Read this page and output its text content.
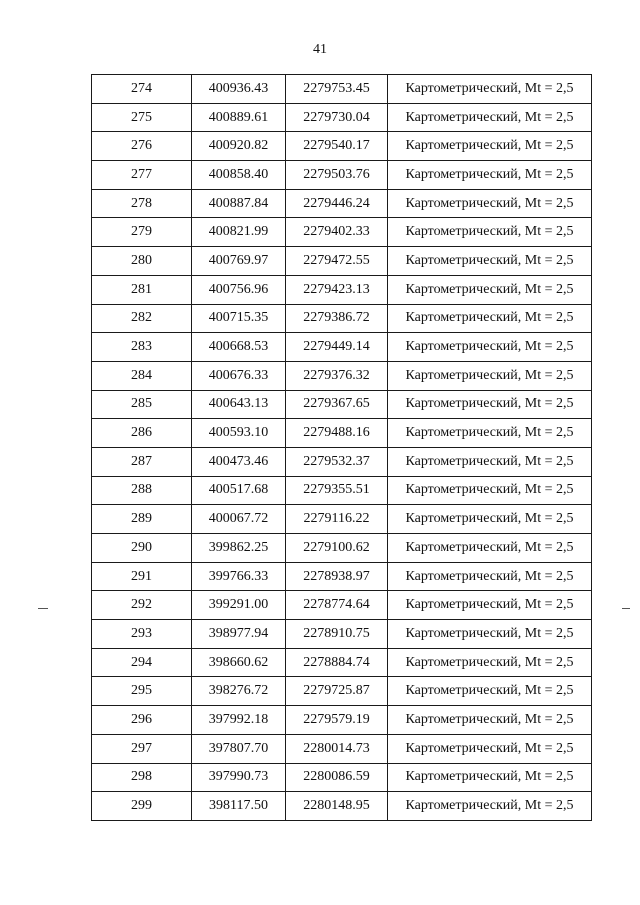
41
274	400936.43	2279753.45	Картометрический, Mt = 2,5
275	400889.61	2279730.04	Картометрический, Mt = 2,5
276	400920.82	2279540.17	Картометрический, Mt = 2,5
277	400858.40	2279503.76	Картометрический, Mt = 2,5
278	400887.84	2279446.24	Картометрический, Mt = 2,5
279	400821.99	2279402.33	Картометрический, Mt = 2,5
280	400769.97	2279472.55	Картометрический, Mt = 2,5
281	400756.96	2279423.13	Картометрический, Mt = 2,5
282	400715.35	2279386.72	Картометрический, Mt = 2,5
283	400668.53	2279449.14	Картометрический, Mt = 2,5
284	400676.33	2279376.32	Картометрический, Mt = 2,5
285	400643.13	2279367.65	Картометрический, Mt = 2,5
286	400593.10	2279488.16	Картометрический, Mt = 2,5
287	400473.46	2279532.37	Картометрический, Mt = 2,5
288	400517.68	2279355.51	Картометрический, Mt = 2,5
289	400067.72	2279116.22	Картометрический, Mt = 2,5
290	399862.25	2279100.62	Картометрический, Mt = 2,5
291	399766.33	2278938.97	Картометрический, Mt = 2,5
292	399291.00	2278774.64	Картометрический, Mt = 2,5
293	398977.94	2278910.75	Картометрический, Mt = 2,5
294	398660.62	2278884.74	Картометрический, Mt = 2,5
295	398276.72	2279725.87	Картометрический, Mt = 2,5
296	397992.18	2279579.19	Картометрический, Mt = 2,5
297	397807.70	2280014.73	Картометрический, Mt = 2,5
298	397990.73	2280086.59	Картометрический, Mt = 2,5
299	398117.50	2280148.95	Картометрический, Mt = 2,5
